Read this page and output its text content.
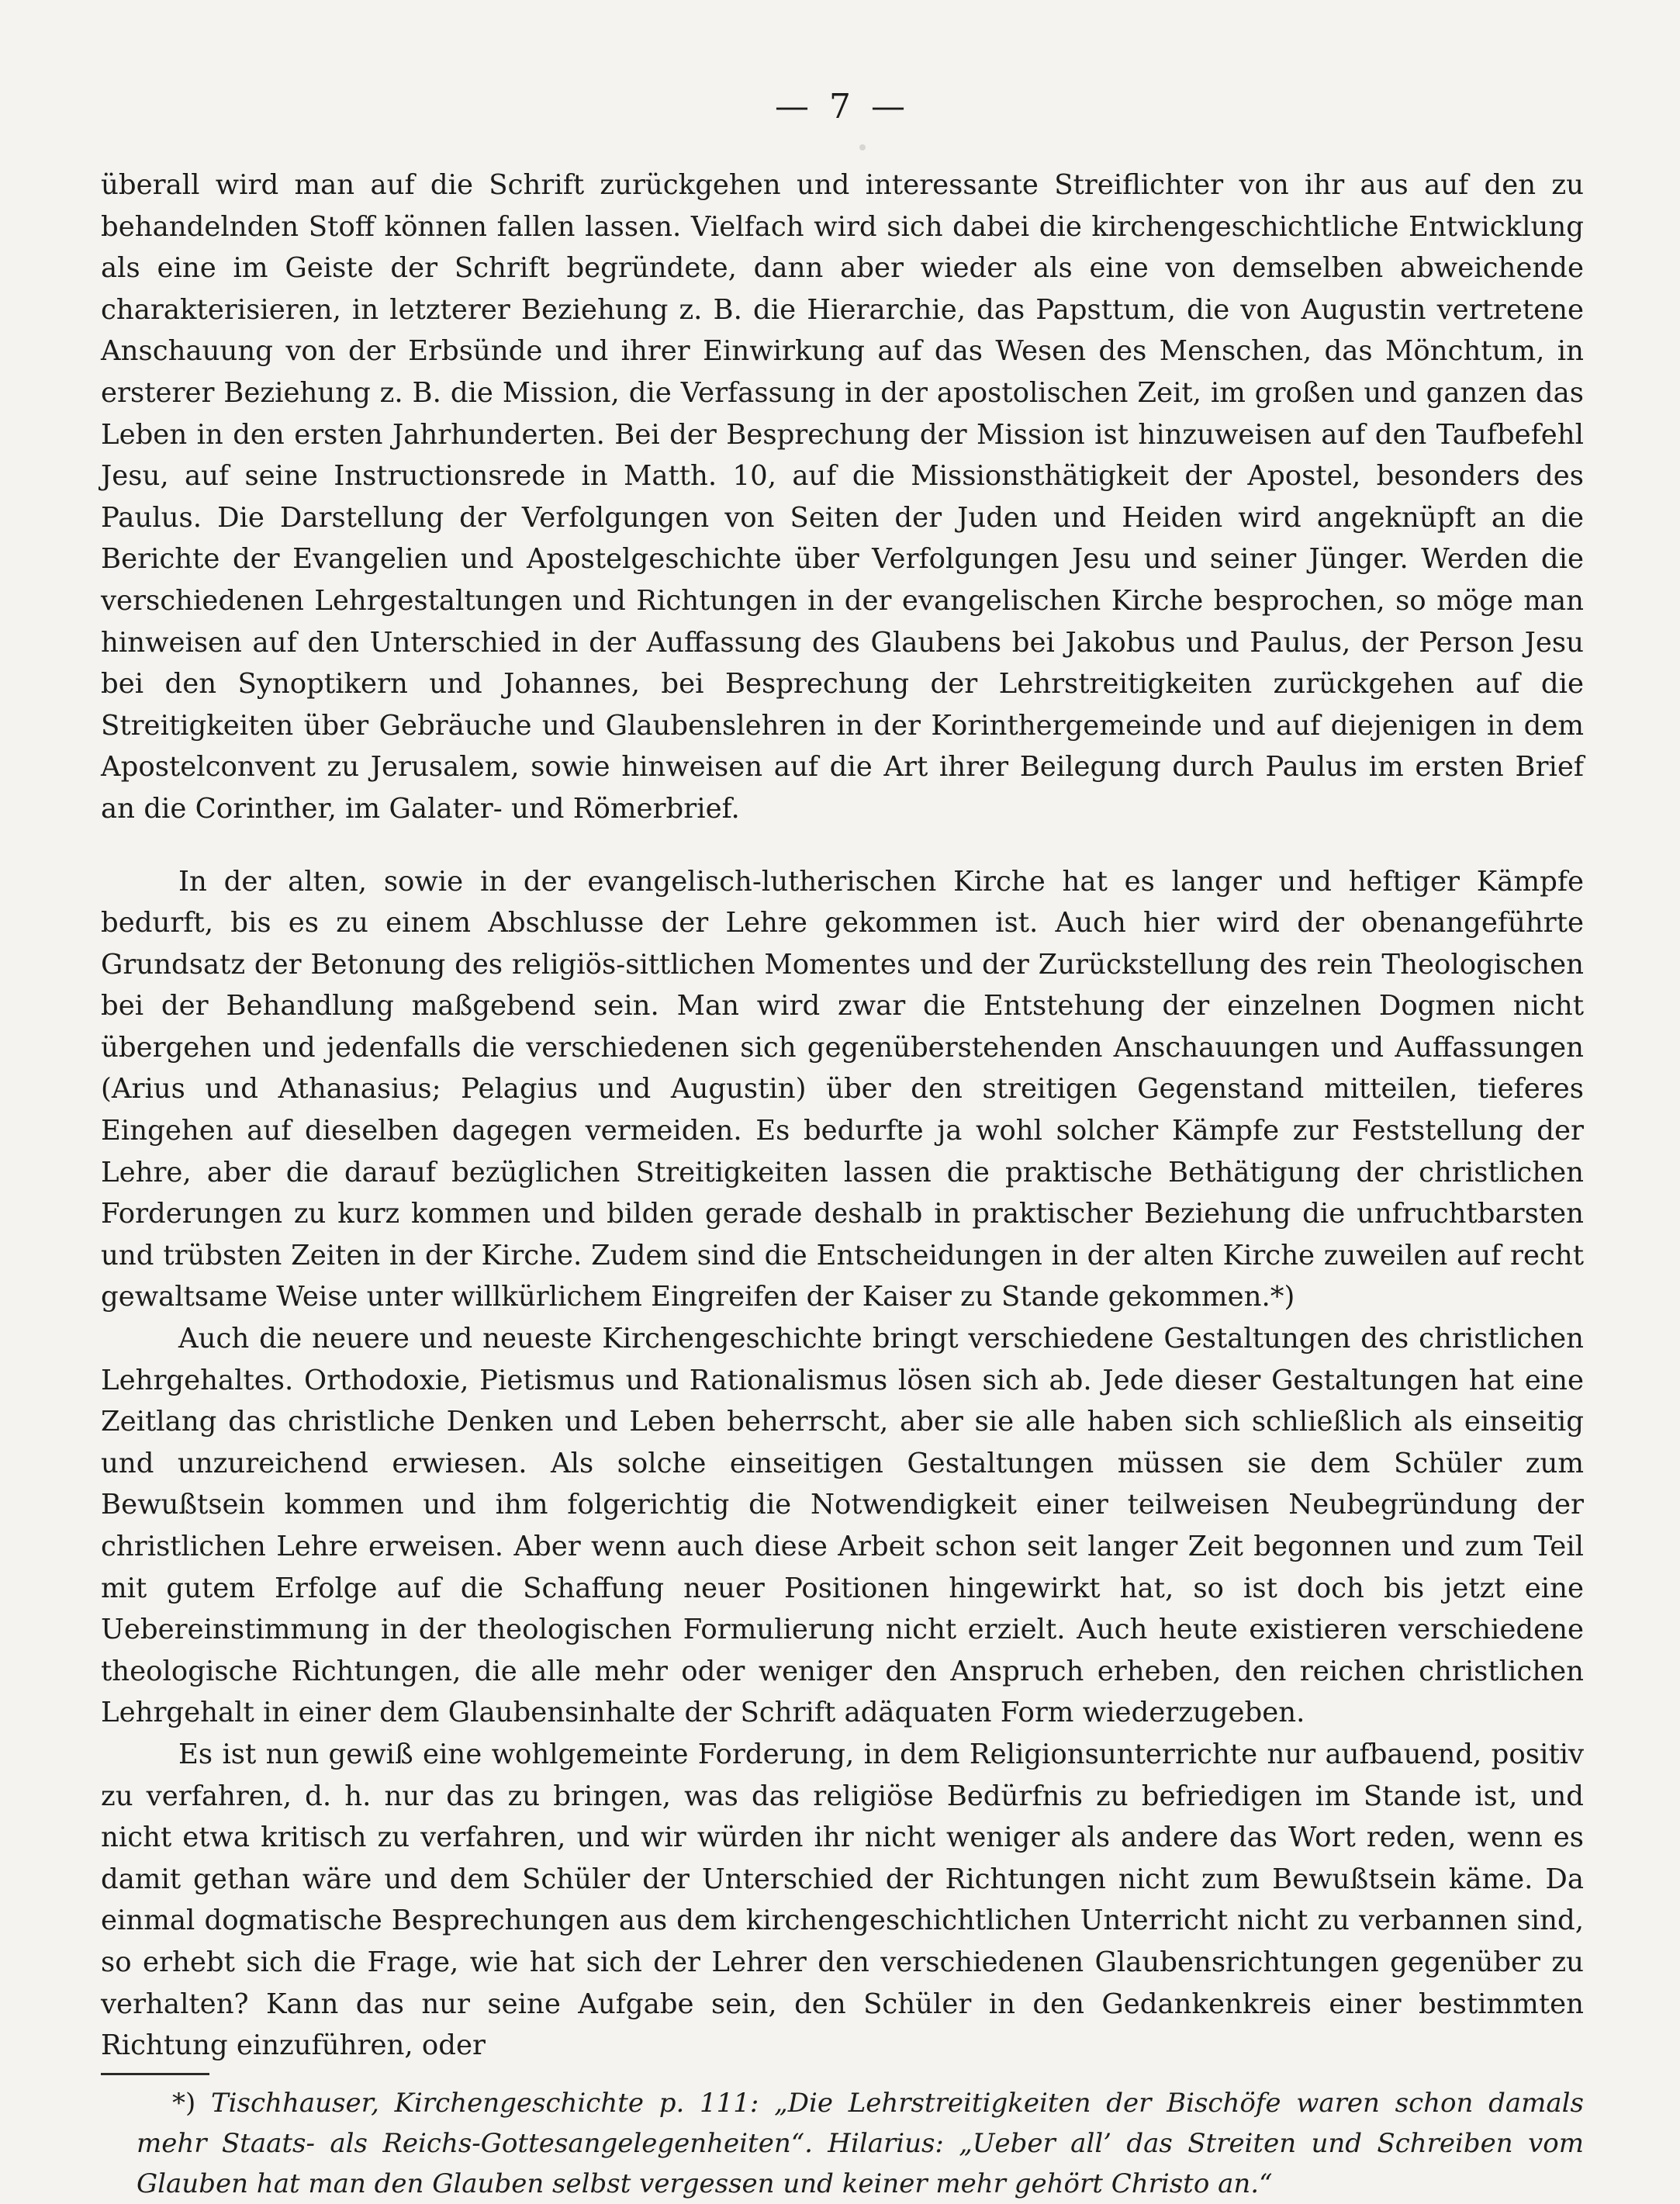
— 7 —

überall wird man auf die Schrift zurückgehen und interessante Streiflichter von ihr aus auf den zu behandelnden Stoff können fallen lassen. Vielfach wird sich dabei die kirchengeschichtliche Entwicklung als eine im Geiste der Schrift begründete, dann aber wieder als eine von demselben abweichende charakterisieren, in letzterer Beziehung z. B. die Hierarchie, das Papsttum, die von Augustin vertretene Anschauung von der Erbsünde und ihrer Einwirkung auf das Wesen des Menschen, das Mönchtum, in ersterer Beziehung z. B. die Mission, die Verfassung in der apostolischen Zeit, im großen und ganzen das Leben in den ersten Jahrhunderten. Bei der Besprechung der Mission ist hinzuweisen auf den Taufbefehl Jesu, auf seine Instructionsrede in Matth. 10, auf die Missionsthätigkeit der Apostel, besonders des Paulus. Die Darstellung der Verfolgungen von Seiten der Juden und Heiden wird angeknüpft an die Berichte der Evangelien und Apostelgeschichte über Verfolgungen Jesu und seiner Jünger. Werden die verschiedenen Lehrgestaltungen und Richtungen in der evangelischen Kirche besprochen, so möge man hinweisen auf den Unterschied in der Auffassung des Glaubens bei Jakobus und Paulus, der Person Jesu bei den Synoptikern und Johannes, bei Besprechung der Lehrstreitigkeiten zurückgehen auf die Streitigkeiten über Gebräuche und Glaubenslehren in der Korinthergemeinde und auf diejenigen in dem Apostelconvent zu Jerusalem, sowie hinweisen auf die Art ihrer Beilegung durch Paulus im ersten Brief an die Corinther, im Galater- und Römerbrief.

In der alten, sowie in der evangelisch-lutherischen Kirche hat es langer und heftiger Kämpfe bedurft, bis es zu einem Abschlusse der Lehre gekommen ist. Auch hier wird der obenangeführte Grundsatz der Betonung des religiös-sittlichen Momentes und der Zurückstellung des rein Theologischen bei der Behandlung maßgebend sein. Man wird zwar die Entstehung der einzelnen Dogmen nicht übergehen und jedenfalls die verschiedenen sich gegenüberstehenden Anschauungen und Auffassungen (Arius und Athanasius; Pelagius und Augustin) über den streitigen Gegenstand mitteilen, tieferes Eingehen auf dieselben dagegen vermeiden. Es bedurfte ja wohl solcher Kämpfe zur Feststellung der Lehre, aber die darauf bezüglichen Streitigkeiten lassen die praktische Bethätigung der christlichen Forderungen zu kurz kommen und bilden gerade deshalb in praktischer Beziehung die unfruchtbarsten und trübsten Zeiten in der Kirche. Zudem sind die Entscheidungen in der alten Kirche zuweilen auf recht gewaltsame Weise unter willkürlichem Eingreifen der Kaiser zu Stande gekommen.*)

Auch die neuere und neueste Kirchengeschichte bringt verschiedene Gestaltungen des christlichen Lehrgehaltes. Orthodoxie, Pietismus und Rationalismus lösen sich ab. Jede dieser Gestaltungen hat eine Zeitlang das christliche Denken und Leben beherrscht, aber sie alle haben sich schließlich als einseitig und unzureichend erwiesen. Als solche einseitigen Gestaltungen müssen sie dem Schüler zum Bewußtsein kommen und ihm folgerichtig die Notwendigkeit einer teilweisen Neubegründung der christlichen Lehre erweisen. Aber wenn auch diese Arbeit schon seit langer Zeit begonnen und zum Teil mit gutem Erfolge auf die Schaffung neuer Positionen hingewirkt hat, so ist doch bis jetzt eine Uebereinstimmung in der theologischen Formulierung nicht erzielt. Auch heute existieren verschiedene theologische Richtungen, die alle mehr oder weniger den Anspruch erheben, den reichen christlichen Lehrgehalt in einer dem Glaubensinhalte der Schrift adäquaten Form wiederzugeben.

Es ist nun gewiß eine wohlgemeinte Forderung, in dem Religionsunterrichte nur aufbauend, positiv zu verfahren, d. h. nur das zu bringen, was das religiöse Bedürfnis zu befriedigen im Stande ist, und nicht etwa kritisch zu verfahren, und wir würden ihr nicht weniger als andere das Wort reden, wenn es damit gethan wäre und dem Schüler der Unterschied der Richtungen nicht zum Bewußtsein käme. Da einmal dogmatische Besprechungen aus dem kirchengeschichtlichen Unterricht nicht zu verbannen sind, so erhebt sich die Frage, wie hat sich der Lehrer den verschiedenen Glaubensrichtungen gegenüber zu verhalten? Kann das nur seine Aufgabe sein, den Schüler in den Gedankenkreis einer bestimmten Richtung einzuführen, oder

*) Tischhauser, Kirchengeschichte p. 111: „Die Lehrstreitigkeiten der Bischöfe waren schon damals mehr Staats- als Reichs-Gottesangelegenheiten“. Hilarius: „Ueber all’ das Streiten und Schreiben vom Glauben hat man den Glauben selbst vergessen und keiner mehr gehört Christo an.“
